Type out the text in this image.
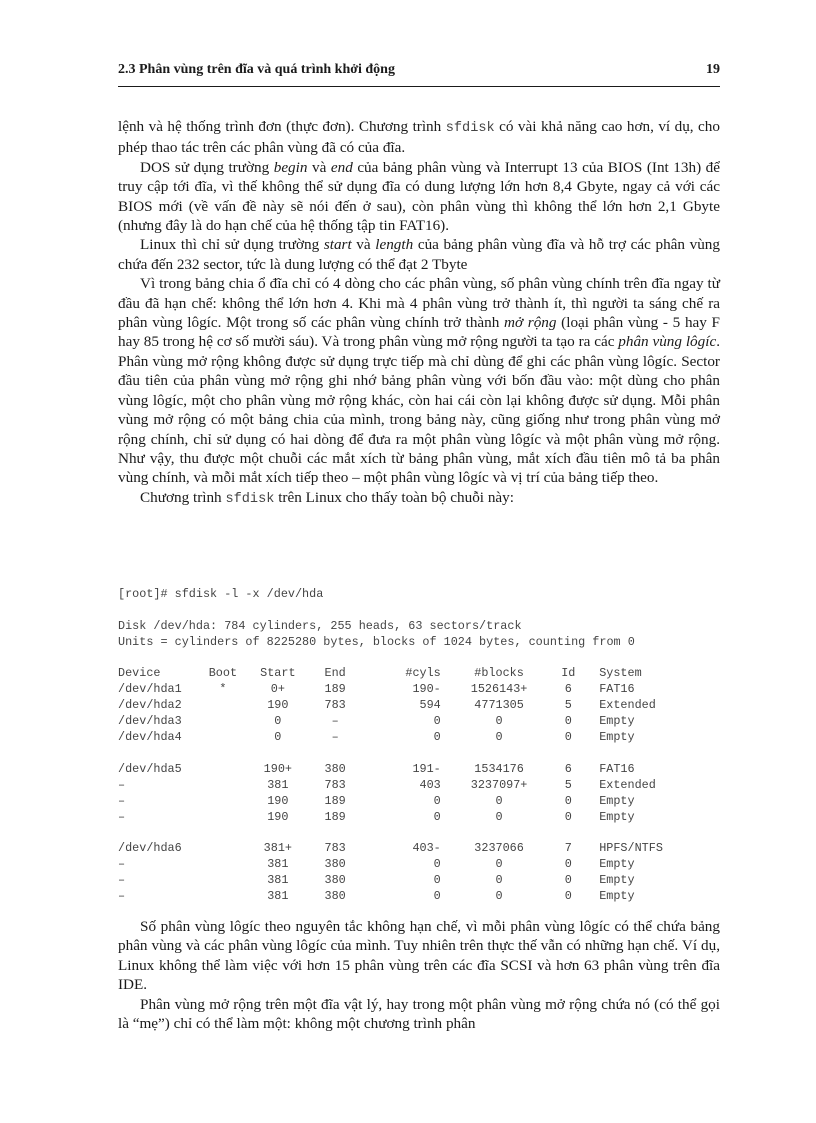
2.3 Phân vùng trên đĩa và quá trình khởi động	19

lệnh và hệ thống trình đơn (thực đơn). Chương trình sfdisk có vài khả năng cao hơn, ví dụ, cho phép thao tác trên các phân vùng đã có của đĩa.

DOS sử dụng trường begin và end của bảng phân vùng và Interrupt 13 của BIOS (Int 13h) để truy cập tới đĩa, vì thế không thể sử dụng đĩa có dung lượng lớn hơn 8,4 Gbyte, ngay cả với các BIOS mới (về vấn đề này sẽ nói đến ở sau), còn phân vùng thì không thể lớn hơn 2,1 Gbyte (nhưng đây là do hạn chế của hệ thống tập tin FAT16).

Linux thì chỉ sử dụng trường start và length của bảng phân vùng đĩa và hỗ trợ các phân vùng chứa đến 232 sector, tức là dung lượng có thể đạt 2 Tbyte

Vì trong bảng chia ổ đĩa chỉ có 4 dòng cho các phân vùng, số phân vùng chính trên đĩa ngay từ đầu đã hạn chế: không thể lớn hơn 4. Khi mà 4 phân vùng trở thành ít, thì người ta sáng chế ra phân vùng lôgíc. Một trong số các phân vùng chính trở thành mở rộng (loại phân vùng - 5 hay F hay 85 trong hệ cơ số mười sáu). Và trong phân vùng mở rộng người ta tạo ra các phân vùng lôgíc. Phân vùng mở rộng không được sử dụng trực tiếp mà chỉ dùng để ghi các phân vùng lôgíc. Sector đầu tiên của phân vùng mở rộng ghi nhớ bảng phân vùng với bốn đầu vào: một dùng cho phân vùng lôgíc, một cho phân vùng mở rộng khác, còn hai cái còn lại không được sử dụng. Mỗi phân vùng mở rộng có một bảng chia của mình, trong bảng này, cũng giống như trong phân vùng mở rộng chính, chỉ sử dụng có hai dòng để đưa ra một phân vùng lôgíc và một phân vùng mở rộng. Như vậy, thu được một chuỗi các mắt xích từ bảng phân vùng, mắt xích đầu tiên mô tả ba phân vùng chính, và mỗi mắt xích tiếp theo – một phân vùng lôgíc và vị trí của bảng tiếp theo.

Chương trình sfdisk trên Linux cho thấy toàn bộ chuỗi này:

[root]# sfdisk -l -x /dev/hda
Disk /dev/hda: 784 cylinders, 255 heads, 63 sectors/track
Units = cylinders of 8225280 bytes, blocks of 1024 bytes, counting from 0
Device	Boot	Start	End	#cyls	#blocks	Id	System
/dev/hda1	*	0+	189	190-	1526143+	6	FAT16
/dev/hda2		190	783	594	4771305	5	Extended
/dev/hda3		0	–	0	0	0	Empty
/dev/hda4		0	–	0	0	0	Empty

/dev/hda5		190+	380	191-	1534176	6	FAT16
–		381	783	403	3237097+	5	Extended
–		190	189	0	0	0	Empty
–		190	189	0	0	0	Empty

/dev/hda6		381+	783	403-	3237066	7	HPFS/NTFS
–		381	380	0	0	0	Empty
–		381	380	0	0	0	Empty
–		381	380	0	0	0	Empty

Số phân vùng lôgíc theo nguyên tắc không hạn chế, vì mỗi phân vùng lôgíc có thể chứa bảng phân vùng và các phân vùng lôgíc của mình. Tuy nhiên trên thực thế vẫn có những hạn chế. Ví dụ, Linux không thể làm việc với hơn 15 phân vùng trên các đĩa SCSI và hơn 63 phân vùng trên đĩa IDE.

Phân vùng mở rộng trên một đĩa vật lý, hay trong một phân vùng mở rộng chứa nó (có thể gọi là “mẹ”) chỉ có thể làm một: không một chương trình phân
